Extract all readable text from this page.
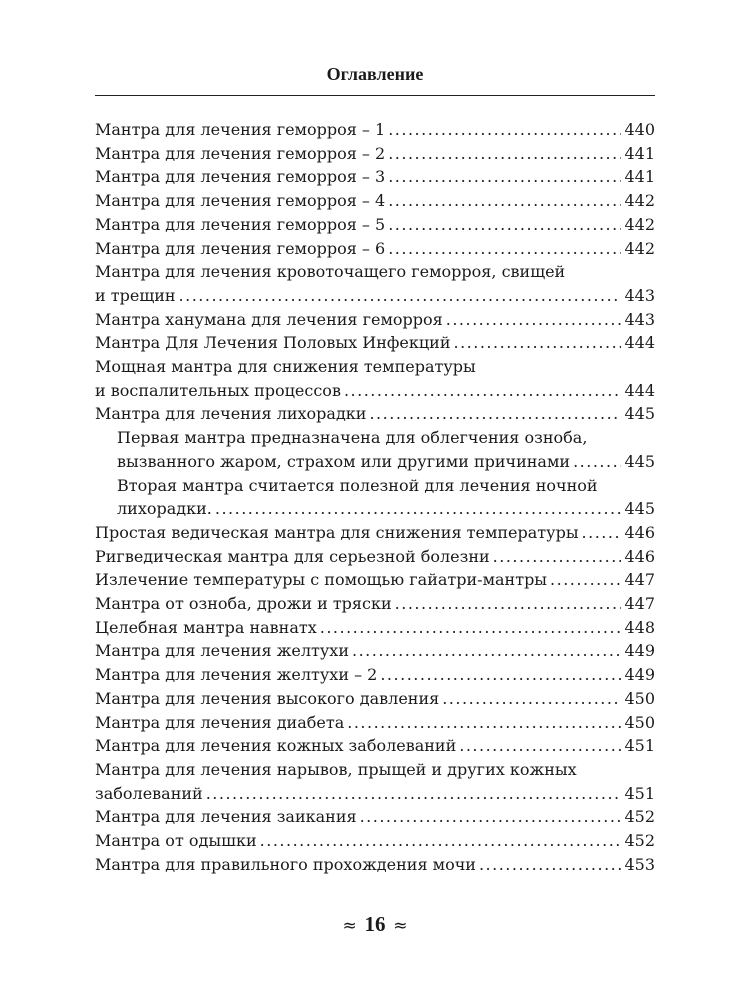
Оглавление
Мантра для лечения геморроя – 1 .....	440
Мантра для лечения геморроя – 2 .....	441
Мантра для лечения геморроя – 3 .....	441
Мантра для лечения геморроя – 4 .....	442
Мантра для лечения геморроя – 5 .....	442
Мантра для лечения геморроя – 6 .....	442
Мантра для лечения кровоточащего геморроя, свищей
и трещин .....	443
Мантра ханумана для лечения геморроя .....	443
Мантра Для Лечения Половых Инфекций .....	444
Мощная мантра для снижения температуры
и воспалительных процессов .....	444
Мантра для лечения лихорадки .....	445
Первая мантра предназначена для облегчения озноба,
вызванного жаром, страхом или другими причинами .....	445
Вторая мантра считается полезной для лечения ночной
лихорадки. .....	445
Простая ведическая мантра для снижения температуры .....	446
Ригведическая мантра для серьезной болезни .....	446
Излечение температуры с помощью гайатри-мантры .....	447
Мантра от озноба, дрожи и тряски .....	447
Целебная мантра навнатх .....	448
Мантра для лечения желтухи .....	449
Мантра для лечения желтухи – 2 .....	449
Мантра для лечения высокого давления .....	450
Мантра для лечения диабета .....	450
Мантра для лечения кожных заболеваний .....	451
Мантра для лечения нарывов, прыщей и других кожных
заболеваний .....	451
Мантра для лечения заикания .....	452
Мантра от одышки .....	452
Мантра для правильного прохождения мочи .....	453
≈ 16 ≈
